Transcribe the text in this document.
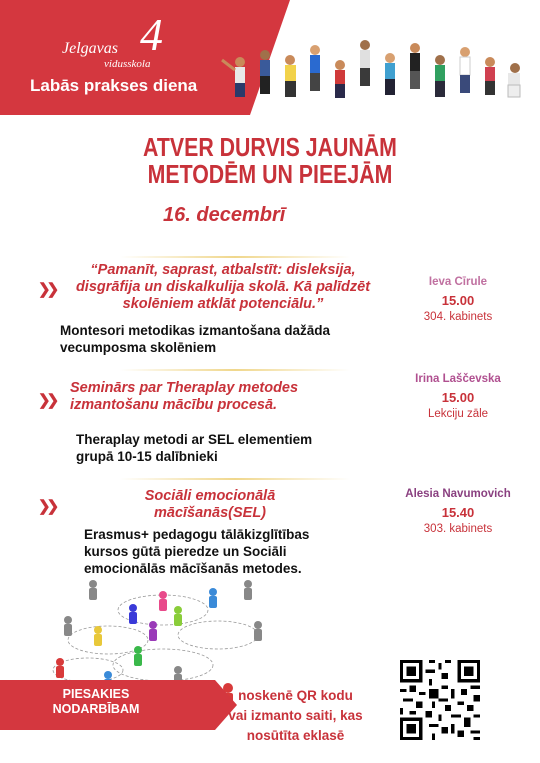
4
Jelgavas
vidusskola
Labās prakses diena
ATVER DURVIS JAUNĀM
METODĒM UN PIEEJĀM
16. decembrī
❯❯
“Pamanīt, saprast, atbalstīt: disleksija, disgrāfija un diskalkulija skolā. Kā palīdzēt skolēniem atklāt potenciālu.”
Montesori metodikas izmantošana dažāda vecumposma skolēniem
❯❯
Seminārs par Theraplay metodes izmantošanu mācību procesā.
Theraplay metodi ar SEL elementiem grupā 10-15 dalībnieki
❯❯
Sociāli emocionālā mācīšanās(SEL)
Erasmus+ pedagogu tālākizglītības kursos gūtā pieredze un Sociāli emocionālās mācīšanās metodes.
Ieva Cīrule
15.00
304. kabinets
Irina Laščevska
15.00
Lekciju zāle
Alesia Navumovich
15.40
303. kabinets
PIESAKIES NODARBĪBAM
noskenē QR kodu vai izmanto saiti, kas nosūtīta eklasē
